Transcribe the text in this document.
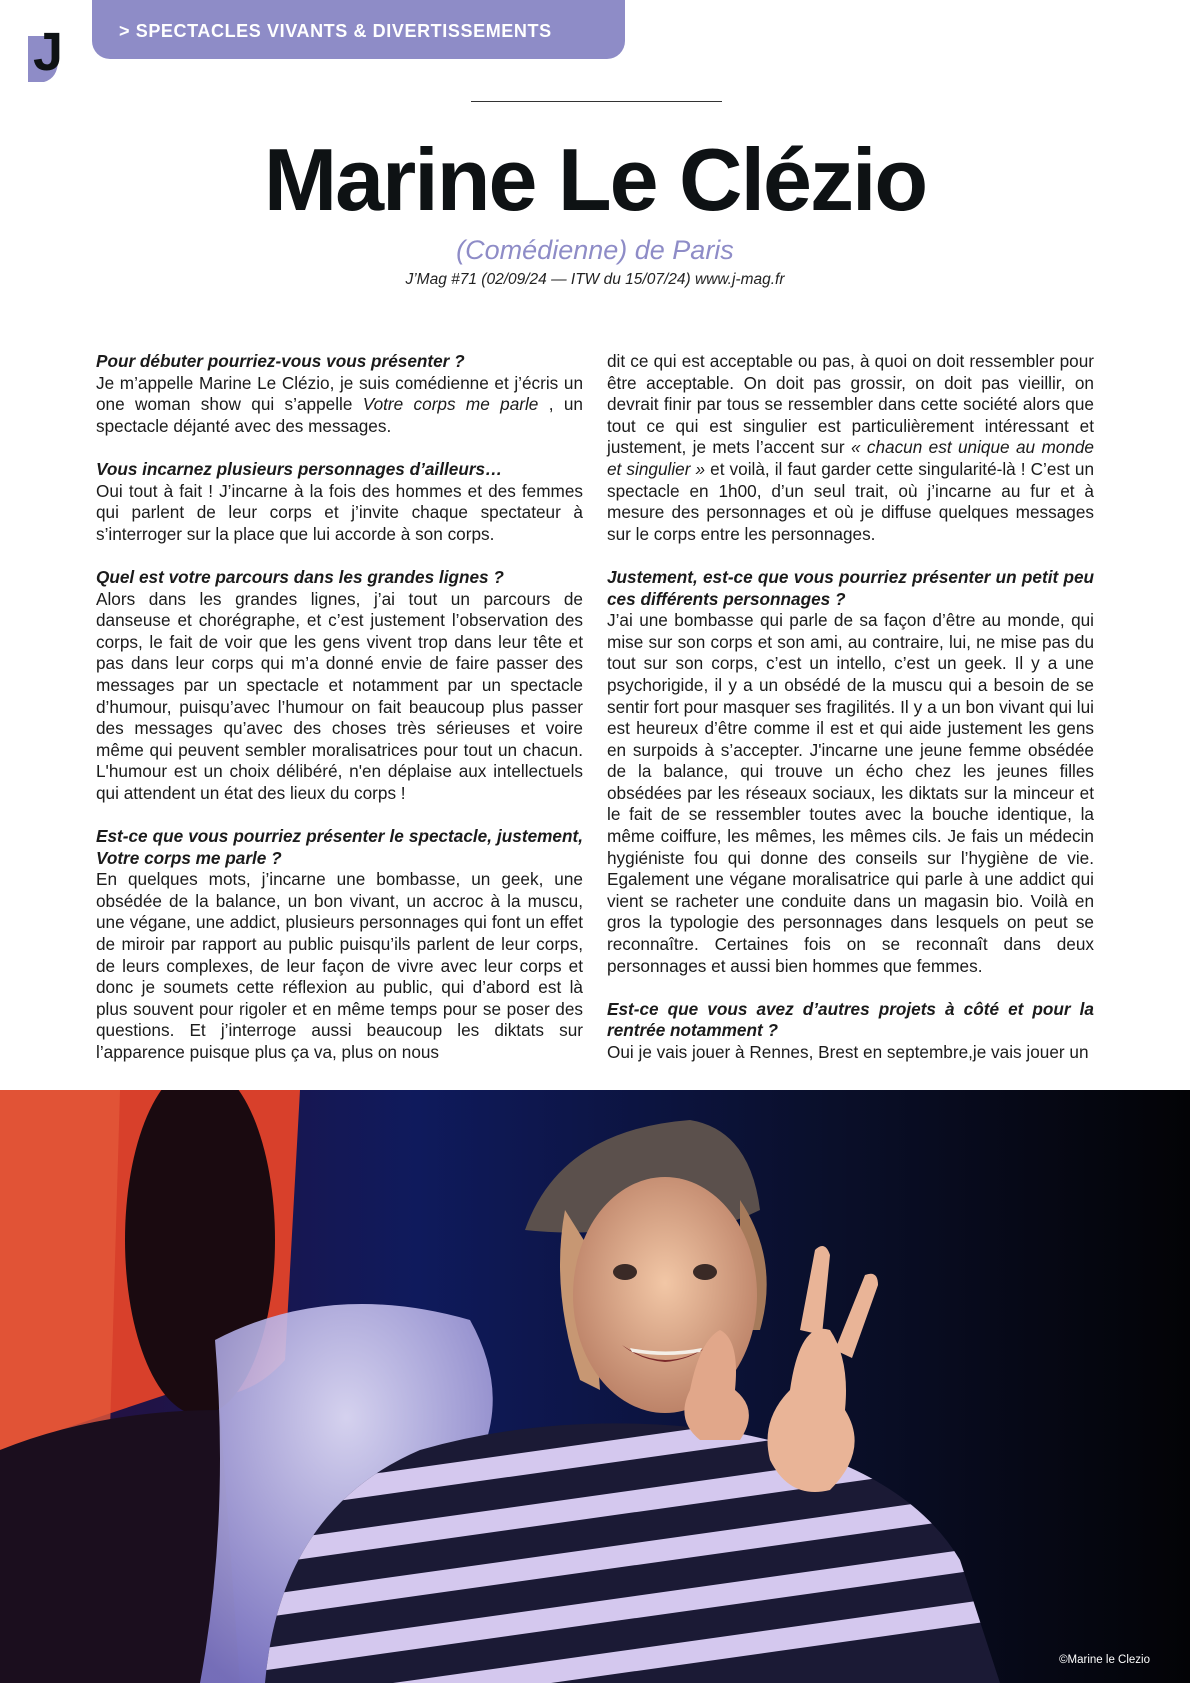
J	> SPECTACLES VIVANTS & DIVERTISSEMENTS
Marine Le Clézio
(Comédienne) de Paris
J’Mag #71 (02/09/24 — ITW du 15/07/24) www.j-mag.fr

Pour débuter pourriez-vous vous présenter ?
Je m’appelle Marine Le Clézio, je suis comédienne et j’écris un one woman show qui s’appelle Votre corps me parle , un spectacle déjanté avec des messages.

Vous incarnez plusieurs personnages d’ailleurs…
Oui tout à fait ! J’incarne à la fois des hommes et des femmes qui parlent de leur corps et j’invite chaque spectateur à s’interroger sur la place que lui accorde à son corps.

Quel est votre parcours dans les grandes lignes ?
Alors dans les grandes lignes, j’ai tout un parcours de danseuse et chorégraphe, et c’est justement l’observation des corps, le fait de voir que les gens vivent trop dans leur tête et pas dans leur corps qui m’a donné envie de faire passer des messages par un spectacle et notamment par un spectacle d’humour, puisqu’avec l’humour on fait beaucoup plus passer des messages qu’avec des choses très sérieuses et voire même qui peuvent sembler moralisatrices pour tout un chacun. L'humour est un choix délibéré, n'en déplaise aux intellectuels qui attendent un état des lieux du corps !

Est-ce que vous pourriez présenter le spectacle, justement, Votre corps me parle ?
En quelques mots, j’incarne une bombasse, un geek, une obsédée de la balance, un bon vivant, un accroc à la muscu, une végane, une addict, plusieurs personnages qui font un effet de miroir par rapport au public puisqu’ils parlent de leur corps, de leurs complexes, de leur façon de vivre avec leur corps et donc je soumets cette réflexion au public, qui d’abord est là plus souvent pour rigoler et en même temps pour se poser des questions. Et j’interroge aussi beaucoup les diktats sur l’apparence puisque plus ça va, plus on nous

dit ce qui est acceptable ou pas, à quoi on doit ressembler pour être acceptable. On doit pas grossir, on doit pas vieillir, on devrait finir par tous se ressembler dans cette société alors que tout ce qui est singulier est particulièrement intéressant et justement, je mets l’accent sur « chacun est unique au monde et singulier » et voilà, il faut garder cette singularité-là ! C’est un spectacle en 1h00, d’un seul trait, où j’incarne au fur et à mesure des personnages et où je diffuse quelques messages sur le corps entre les personnages.

Justement, est-ce que vous pourriez présenter un petit peu ces différents personnages ?
J’ai une bombasse qui parle de sa façon d’être au monde, qui mise sur son corps et son ami, au contraire, lui, ne mise pas du tout sur son corps, c’est un intello, c’est un geek. Il y a une psychorigide, il y a un obsédé de la muscu qui a besoin de se sentir fort pour masquer ses fragilités. Il y a un bon vivant qui lui est heureux d’être comme il est et qui aide justement les gens en surpoids à s’accepter. J'incarne une jeune femme obsédée de la balance, qui trouve un écho chez les jeunes filles obsédées par les réseaux sociaux, les diktats sur la minceur et le fait de se ressembler toutes avec la bouche identique, la même coiffure, les mêmes, les mêmes cils. Je fais un médecin hygiéniste fou qui donne des conseils sur l’hygiène de vie. Egalement une végane moralisatrice qui parle à une addict qui vient se racheter une conduite dans un magasin bio. Voilà en gros la typologie des personnages dans lesquels on peut se reconnaître. Certaines fois on se reconnaît dans deux personnages et aussi bien hommes que femmes.

Est-ce que vous avez d’autres projets à côté et pour la rentrée notamment ?
Oui je vais jouer à Rennes, Brest en septembre,je vais jouer un

©Marine le Clezio
